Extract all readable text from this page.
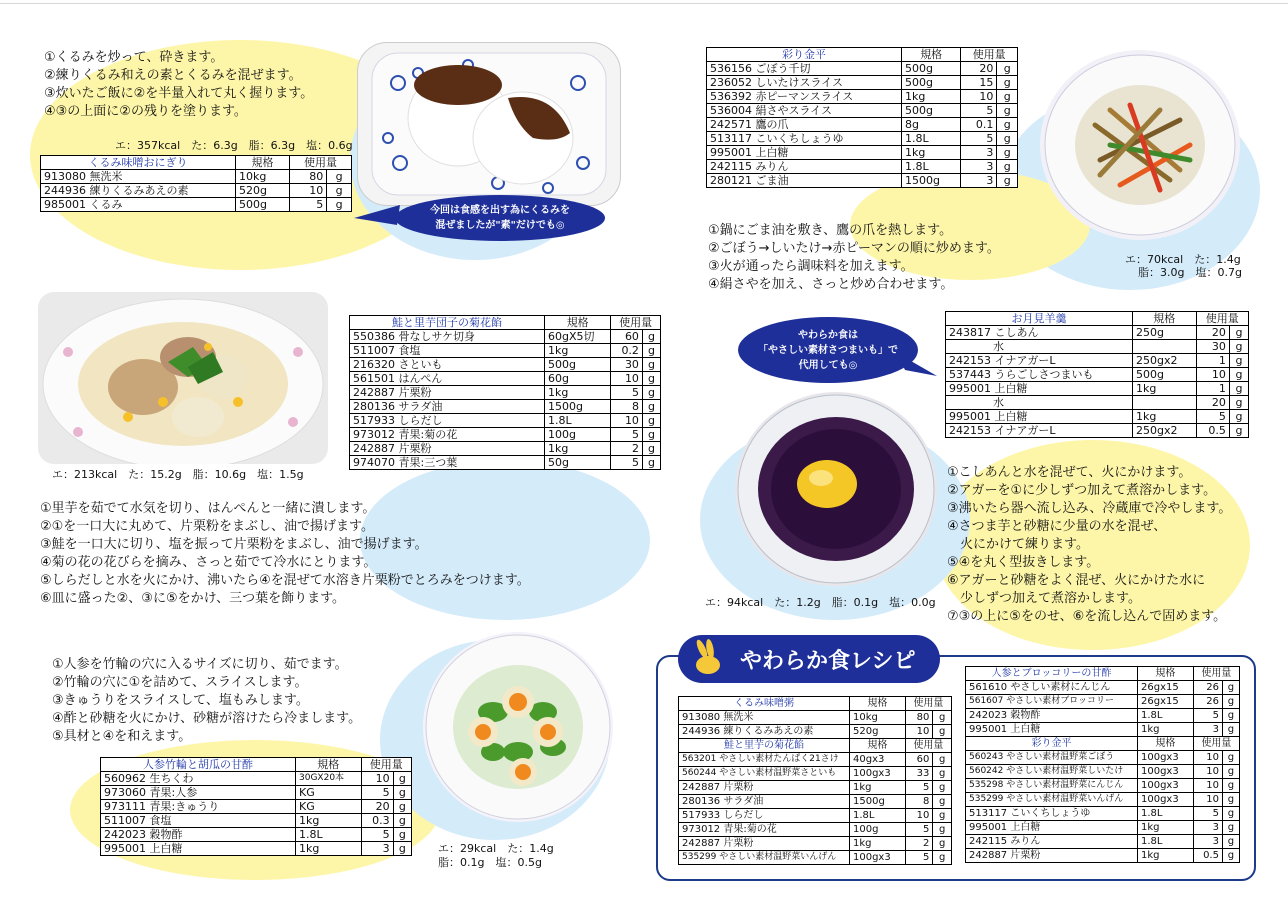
①くるみを炒って、砕きます。
②練りくるみ和えの素とくるみを混ぜます。
③炊いたご飯に②を半量入れて丸く握ります。
④③の上面に②の残りを塗ります。
エ：357kcal　た：6.3g　脂：6.3g　塩：0.6g
くるみ味噌おにぎり	規格	使用量	
913080 無洗米	10kg	80	g
244936 練りくるみあえの素	520g	10	g
985001 くるみ	500g	5	g	今回は食感を出す為にくるみを
混ぜましたが"素"だけでも◎
彩り金平	規格	使用量	
536156 ごぼう千切	500g	20	g
236052 しいたけスライス	500g	15	g
536392 赤ピーマンスライス	1kg	10	g
536004 絹さやスライス	500g	5	g
242571 鷹の爪	8g	0.1	g
513117 こいくちしょうゆ	1.8L	5	g
995001 上白糖	1kg	3	g
242115 みりん	1.8L	3	g
280121 ごま油	1500g	3	g
①鍋にごま油を敷き、鷹の爪を熱します。
②ごぼう→しいたけ→赤ピーマンの順に炒めます。
③火が通ったら調味料を加えます。
④絹さやを加え、さっと炒め合わせます。
エ：70kcal　た：1.4g
脂：3.0g　塩：0.7g
鮭と里芋団子の菊花餡	規格	使用量	
550386 骨なしサケ切身	60gX5切	60	g
511007 食塩	1kg	0.2	g
216320 さといも	500g	30	g
561501 はんぺん	60g	10	g
242887 片栗粉	1kg	5	g
280136 サラダ油	1500g	8	g
517933 しらだし	1.8L	10	g
973012 青果:菊の花	100g	5	g
242887 片栗粉	1kg	2	g
974070 青果:三つ葉	50g	5	g
エ：213kcal　た：15.2g　脂：10.6g　塩：1.5g
①里芋を茹でて水気を切り、はんぺんと一緒に潰します。
②①を一口大に丸めて、片栗粉をまぶし、油で揚げます。
③鮭を一口大に切り、塩を振って片栗粉をまぶし、油で揚げます。
④菊の花の花びらを摘み、さっと茹でて冷水にとります。
⑤しらだしと水を火にかけ、沸いたら④を混ぜて水溶き片栗粉でとろみをつけます。
⑥皿に盛った②、③に⑤をかけ、三つ葉を飾ります。
やわらか食は
「やさしい素材さつまいも」で
代用しても◎
お月見羊羹	規格	使用量	
243817 こしあん	250g	20	g
　　　　水		30	g
242153 イナアガーL	250gx2	1	g
537443 うらごしさつまいも	500g	10	g
995001 上白糖	1kg	1	g
　　　　水		20	g
995001 上白糖	1kg	5	g
242153 イナアガーL	250gx2	0.5	g
①こしあんと水を混ぜて、火にかけます。
②アガーを①に少しずつ加えて煮溶かします。
③沸いたら器へ流し込み、冷蔵庫で冷やします。
④さつま芋と砂糖に少量の水を混ぜ、
　火にかけて練ります。
⑤④を丸く型抜きします。
⑥アガーと砂糖をよく混ぜ、火にかけた水に
　少しずつ加えて煮溶かします。
⑦③の上に⑤をのせ、⑥を流し込んで固めます。
エ：94kcal　た：1.2g　脂：0.1g　塩：0.0g
①人参を竹輪の穴に入るサイズに切り、茹でます。
②竹輪の穴に①を詰めて、スライスします。
③きゅうりをスライスして、塩もみします。
④酢と砂糖を火にかけ、砂糖が溶けたら冷まします。
⑤具材と④を和えます。
人参竹輪と胡瓜の甘酢	規格	使用量	
560962 生ちくわ	30GX20本	10	g
973060 青果:人参	KG	5	g
973111 青果:きゅうり	KG	20	g
511007 食塩	1kg	0.3	g
242023 穀物酢	1.8L	5	g
995001 上白糖	1kg	3	g	エ：29kcal　た：1.4g
脂：0.1g　塩：0.5g
やわらか食レシピ
くるみ味噌粥	規格	使用量	
913080 無洗米	10kg	80	g
244936 練りくるみあえの素	520g	10	g
鮭と里芋の菊花餡	規格	使用量	
563201 やさしい素材たんぱく21さけ	40gx3	60	g
560244 やさしい素材温野菜さといも	100gx3	33	g
242887 片栗粉	1kg	5	g
280136 サラダ油	1500g	8	g
517933 しらだし	1.8L	10	g
973012 青果:菊の花	100g	5	g
242887 片栗粉	1kg	2	g
535299 やさしい素材温野菜いんげん	100gx3	5	g
人参とブロッコリーの甘酢	規格	使用量	
561610 やさしい素材にんじん	26gx15	26	g
561607 やさしい素材ブロッコリー	26gx15	26	g
242023 穀物酢	1.8L	5	g
995001 上白糖	1kg	3	g
彩り金平	規格	使用量	
560243 やさしい素材温野菜ごぼう	100gx3	10	g
560242 やさしい素材温野菜しいたけ	100gx3	10	g
535298 やさしい素材温野菜にんじん	100gx3	10	g
535299 やさしい素材温野菜いんげん	100gx3	10	g
513117 こいくちしょうゆ	1.8L	5	g
995001 上白糖	1kg	3	g
242115 みりん	1.8L	3	g
242887 片栗粉	1kg	0.5	g
